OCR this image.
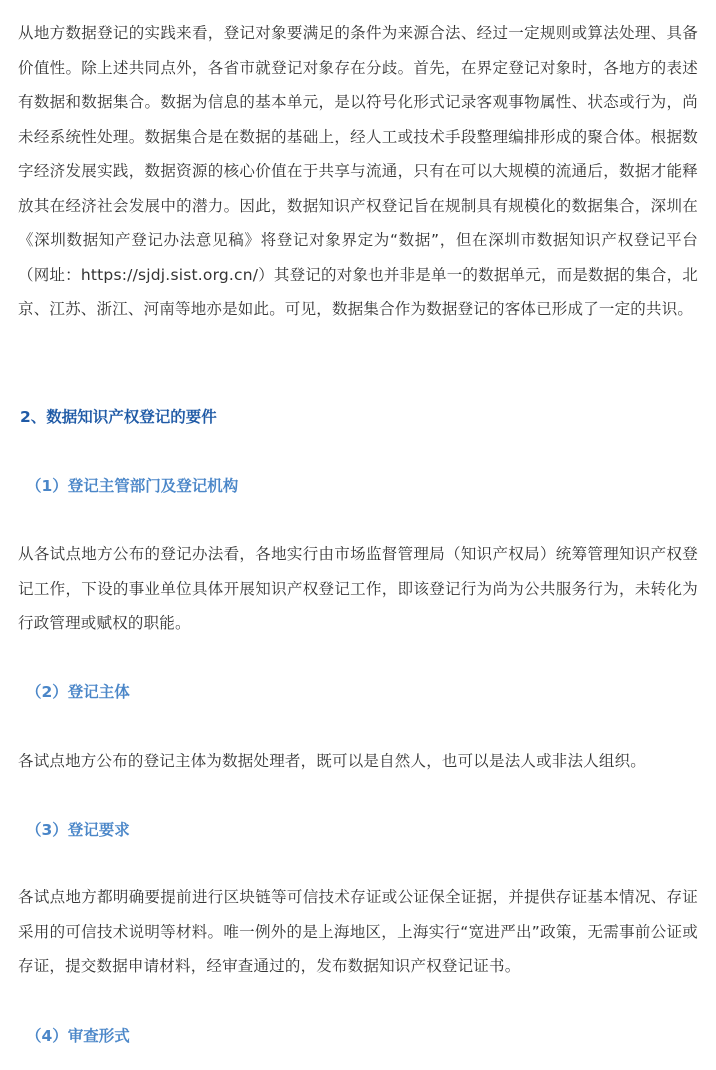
从地方数据登记的实践来看，登记对象要满足的条件为来源合法、经过一定规则或算法处理、具备价值性。除上述共同点外，各省市就登记对象存在分歧。首先，在界定登记对象时，各地方的表述有数据和数据集合。数据为信息的基本单元，是以符号化形式记录客观事物属性、状态或行为，尚未经系统性处理。数据集合是在数据的基础上，经人工或技术手段整理编排形成的聚合体。根据数字经济发展实践，数据资源的核心价值在于共享与流通，只有在可以大规模的流通后，数据才能释放其在经济社会发展中的潜力。因此，数据知识产权登记旨在规制具有规模化的数据集合，深圳在《深圳数据知产登记办法意见稿》将登记对象界定为“数据”，但在深圳市数据知识产权登记平台（网址：https://sjdj.sist.org.cn/）其登记的对象也并非是单一的数据单元，而是数据的集合，北京、江苏、浙江、河南等地亦是如此。可见，数据集合作为数据登记的客体已形成了一定的共识。

2、数据知识产权登记的要件
（1）登记主管部门及登记机构

从各试点地方公布的登记办法看，各地实行由市场监督管理局（知识产权局）统筹管理知识产权登记工作，下设的事业单位具体开展知识产权登记工作，即该登记行为尚为公共服务行为，未转化为行政管理或赋权的职能。

（2）登记主体

各试点地方公布的登记主体为数据处理者，既可以是自然人，也可以是法人或非法人组织。

（3）登记要求

各试点地方都明确要提前进行区块链等可信技术存证或公证保全证据，并提供存证基本情况、存证采用的可信技术说明等材料。唯一例外的是上海地区，上海实行“宽进严出”政策，无需事前公证或存证，提交数据申请材料，经审查通过的，发布数据知识产权登记证书。

（4）审查形式
